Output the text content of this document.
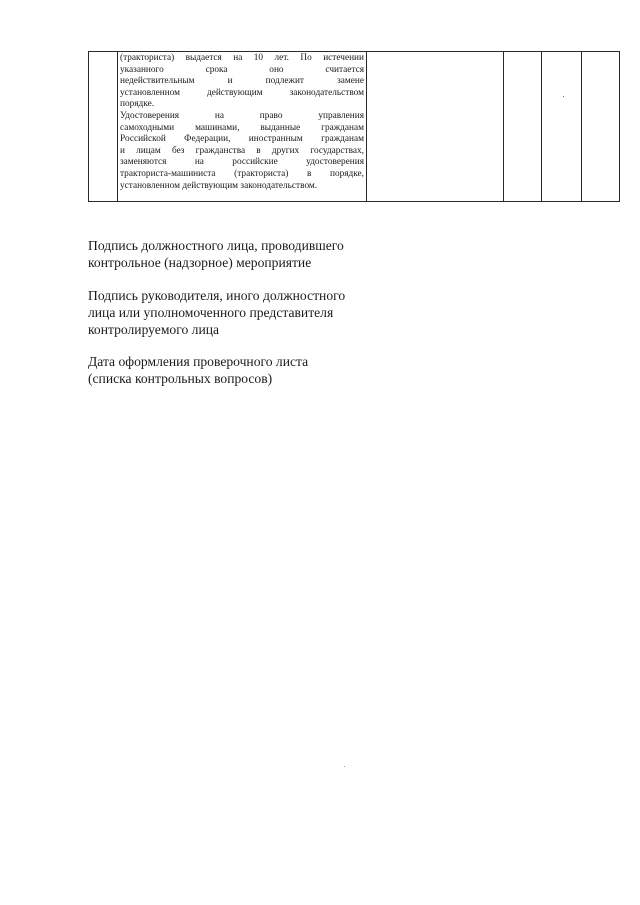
(тракториста) выдается на 10 лет. По истечении
указанного срока оно считается
недействительным и подлежит замене
установленном действующим законодательством
порядке.
Удостоверения на право управления
самоходными машинами, выданные гражданам
Российской Федерации, иностранным гражданам
и лицам без гражданства в других государствах,
заменяются на российские удостоверения
тракториста-машиниста (тракториста) в порядке,
установленном действующим законодательством.
Подпись должностного лица, проводившего
контрольное (надзорное) мероприятие
Подпись руководителя, иного должностного
лица или уполномоченного представителя
контролируемого лица
Дата оформления проверочного листа
(списка контрольных вопросов)
